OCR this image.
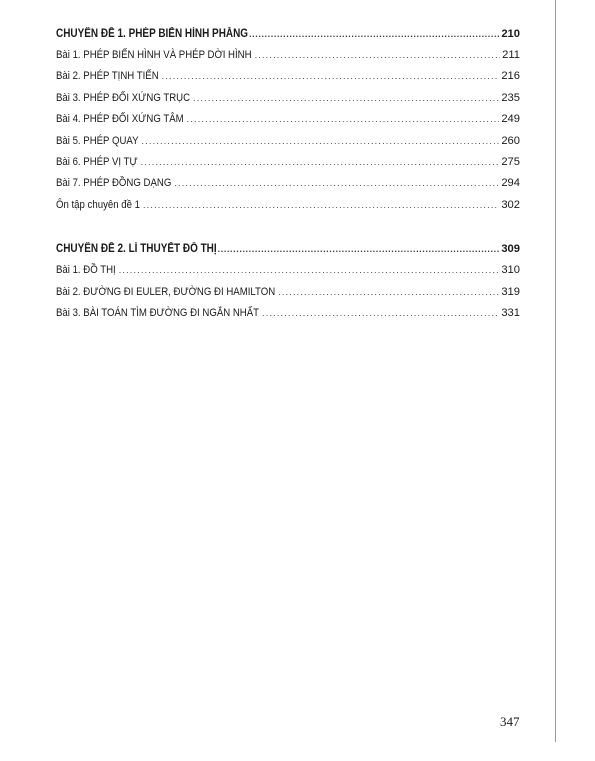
CHUYÊN ĐỀ 1. PHÉP BIẾN HÌNH PHẲNG .....	210
Bài 1. PHÉP BIẾN HÌNH VÀ PHÉP DỜI HÌNH .....	211
Bài 2. PHÉP TỊNH TIẾN .....	216
Bài 3. PHÉP ĐỐI XỨNG TRỤC .....	235
Bài 4. PHÉP ĐỐI XỨNG TÂM .....	249
Bài 5. PHÉP QUAY .....	260
Bài 6. PHÉP VỊ TỰ .....	275
Bài 7. PHÉP ĐỒNG DẠNG .....	294
Ôn tập chuyên đề 1 .....	302
CHUYÊN ĐỀ 2. LÍ THUYẾT ĐỒ THỊ .....	309
Bài 1. ĐỒ THỊ .....	310
Bài 2. ĐƯỜNG ĐI EULER, ĐƯỜNG ĐI HAMILTON .....	319
Bài 3. BÀI TOÁN TÌM ĐƯỜNG ĐI NGẮN NHẤT .....	331
347
